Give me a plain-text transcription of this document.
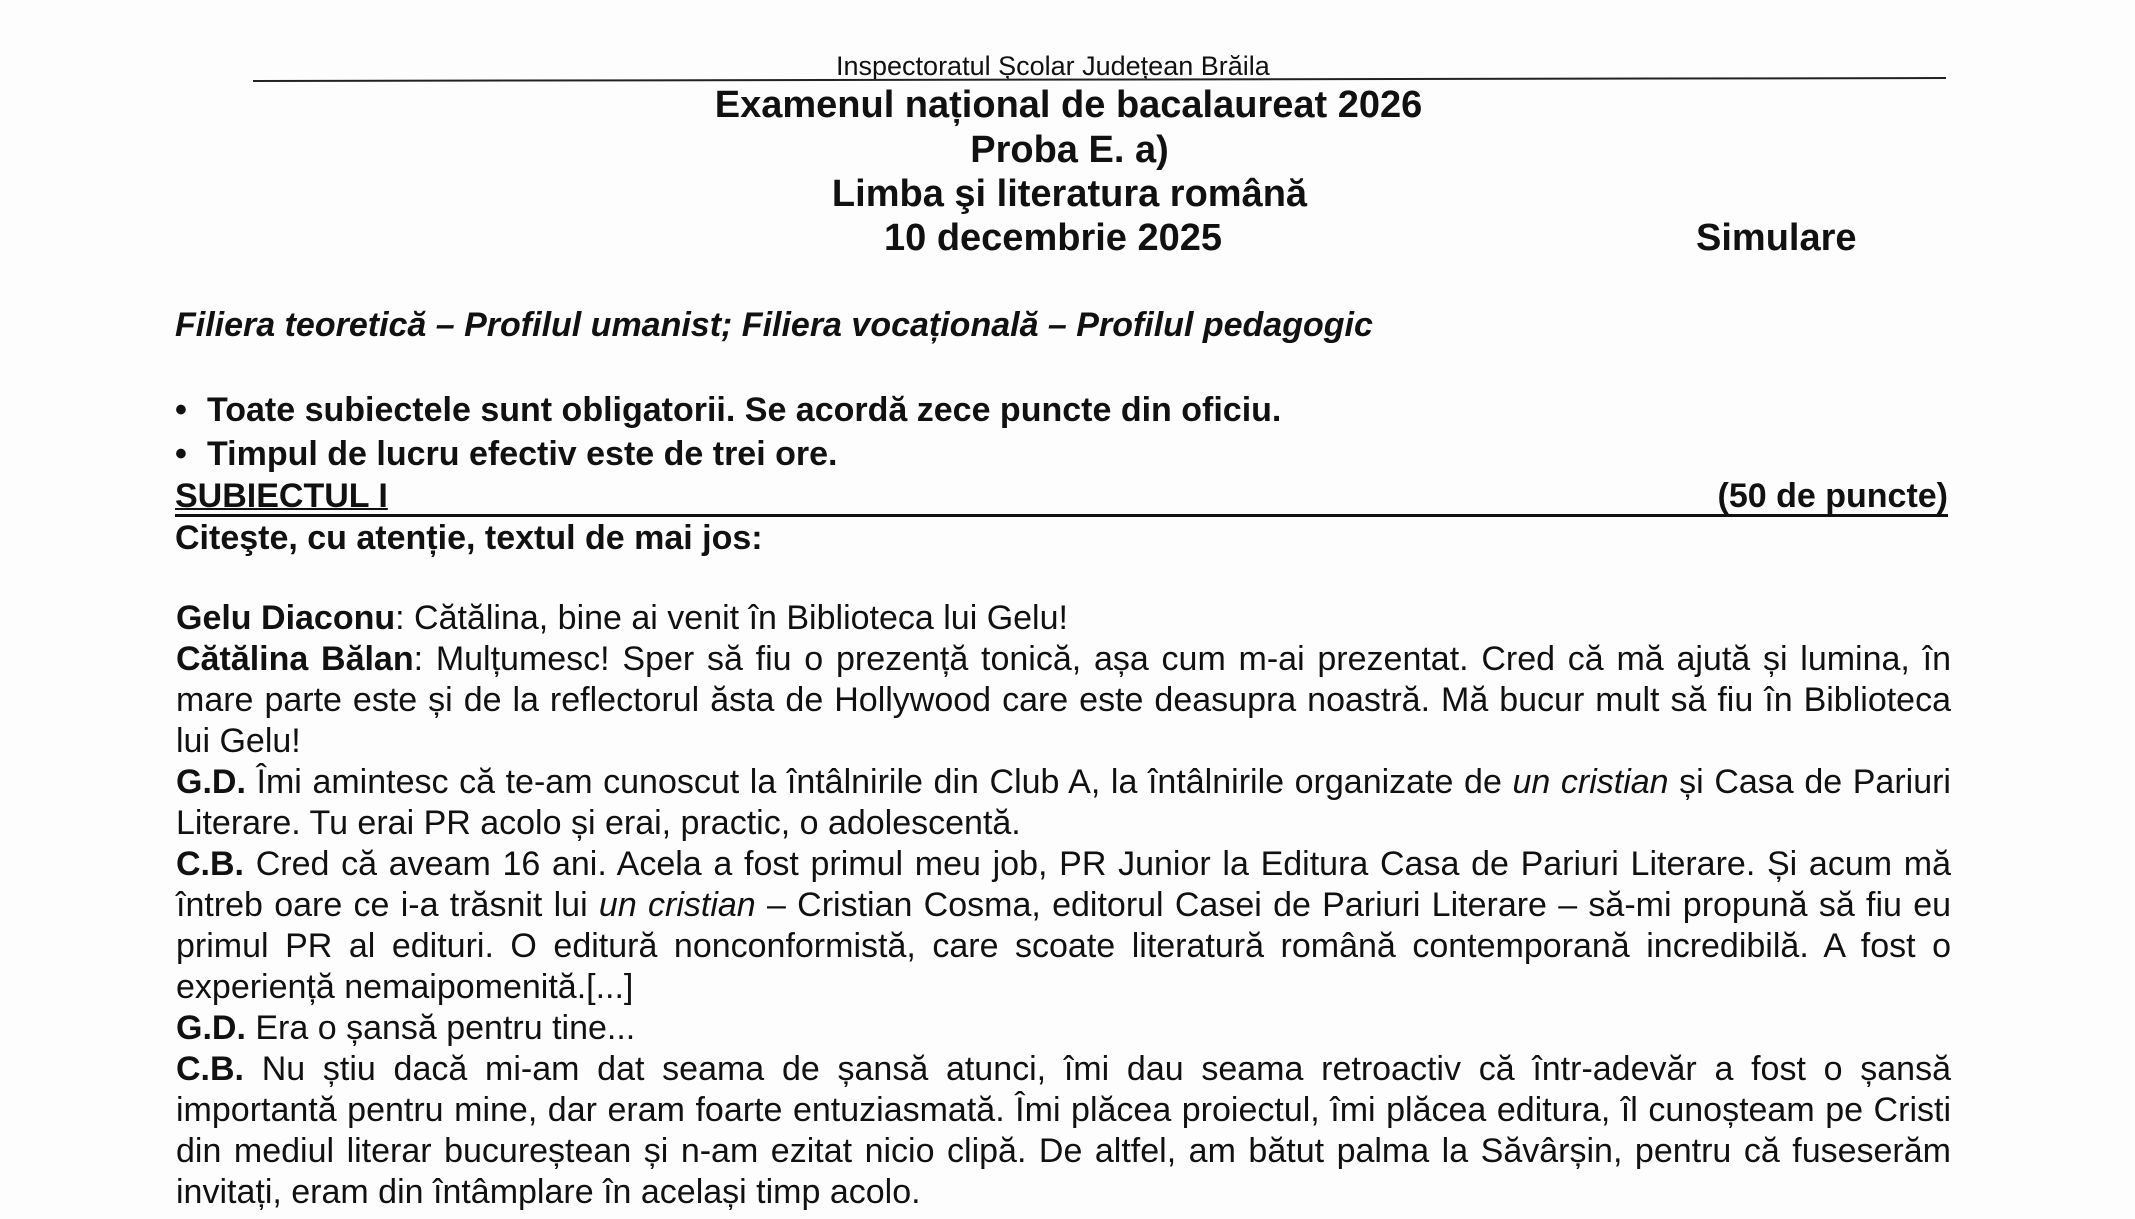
Inspectoratul Școlar Județean Brăila
Examenul național de bacalaureat 2026
Proba E. a)
Limba şi literatura română
10 decembrie 2025	Simulare
Filiera teoretică – Profilul umanist; Filiera vocațională – Profilul pedagogic
• Toate subiectele sunt obligatorii. Se acordă zece puncte din oficiu.
• Timpul de lucru efectiv este de trei ore.
SUBIECTUL I	(50 de puncte)
Citeşte, cu atenție, textul de mai jos:

Gelu Diaconu: Cătălina, bine ai venit în Biblioteca lui Gelu!

Cătălina Bălan: Mulțumesc! Sper să fiu o prezență tonică, așa cum m-ai prezentat. Cred că mă ajută și lumina, în mare parte este și de la reflectorul ăsta de Hollywood care este deasupra noastră. Mă bucur mult să fiu în Biblioteca lui Gelu!

G.D. Îmi amintesc că te-am cunoscut la întâlnirile din Club A, la întâlnirile organizate de un cristian și Casa de Pariuri Literare. Tu erai PR acolo și erai, practic, o adolescentă.

C.B. Cred că aveam 16 ani. Acela a fost primul meu job, PR Junior la Editura Casa de Pariuri Literare. Și acum mă întreb oare ce i-a trăsnit lui un cristian – Cristian Cosma, editorul Casei de Pariuri Literare – să-mi propună să fiu eu primul PR al edituri. O editură nonconformistă, care scoate literatură română contemporană incredibilă. A fost o experiență nemaipomenită.[...]

G.D. Era o șansă pentru tine...

C.B. Nu știu dacă mi-am dat seama de șansă atunci, îmi dau seama retroactiv că într-adevăr a fost o șansă importantă pentru mine, dar eram foarte entuziasmată. Îmi plăcea proiectul, îmi plăcea editura, îl cunoșteam pe Cristi din mediul literar bucureștean și n-am ezitat nicio clipă. De altfel, am bătut palma la Săvârșin, pentru că fuseserăm invitați, eram din întâmplare în același timp acolo.
